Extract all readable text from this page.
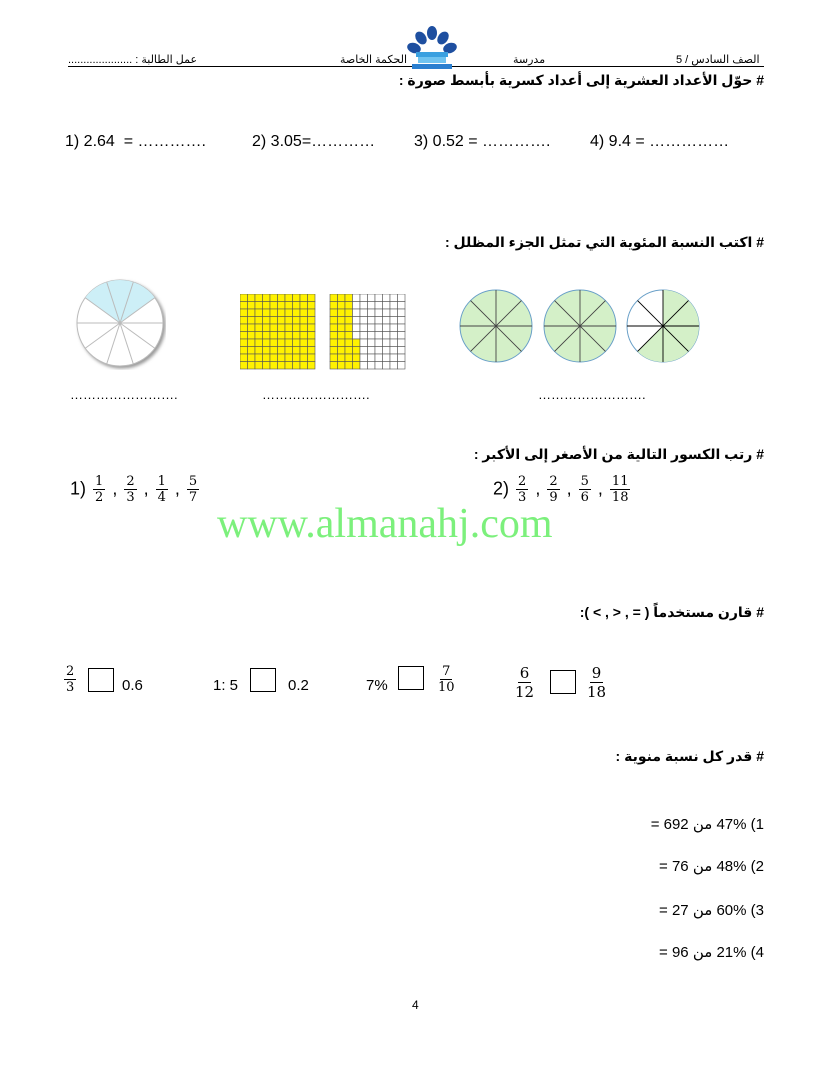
الصف السادس / 5
مدرسة
الحكمة الخاصة
عمل الطالبة : .....................
# حوّل الأعداد العشرية إلى أعداد كسرية بأبسط صورة :
1) 2.64  = ………….	2) 3.05=………… 3) 0.52 = …………. 4) 9.4 = ……………
# اكتب النسبة المئوية التي تمثل الجزء المظلل :
…………………….	…………………….	…………………….
# رتب الكسور التالية من الأصغر إلى الأكبر :
$1) \frac{1}{2}$ , $\frac{2}{3}$ , $\frac{1}{4}$ , $\frac{5}{7}$	$2) \frac{2}{3}$ , $\frac{2}{9}$ , $\frac{5}{6}$ , $\frac{11}{18}$
www.almanahj.com
# قارن مستخدماً ( = , < , > ):
$\frac{2}{3}$	0.6	1: 5	0.2	7%	$\frac{7}{10}$	$\frac{6}{12}$	$\frac{9}{18}$
# قدر كل نسبة منوية :
1) 47% من 692 =
2) 48% من 76 =
3) 60% من 27 =
4) 21% من 96 =
4
